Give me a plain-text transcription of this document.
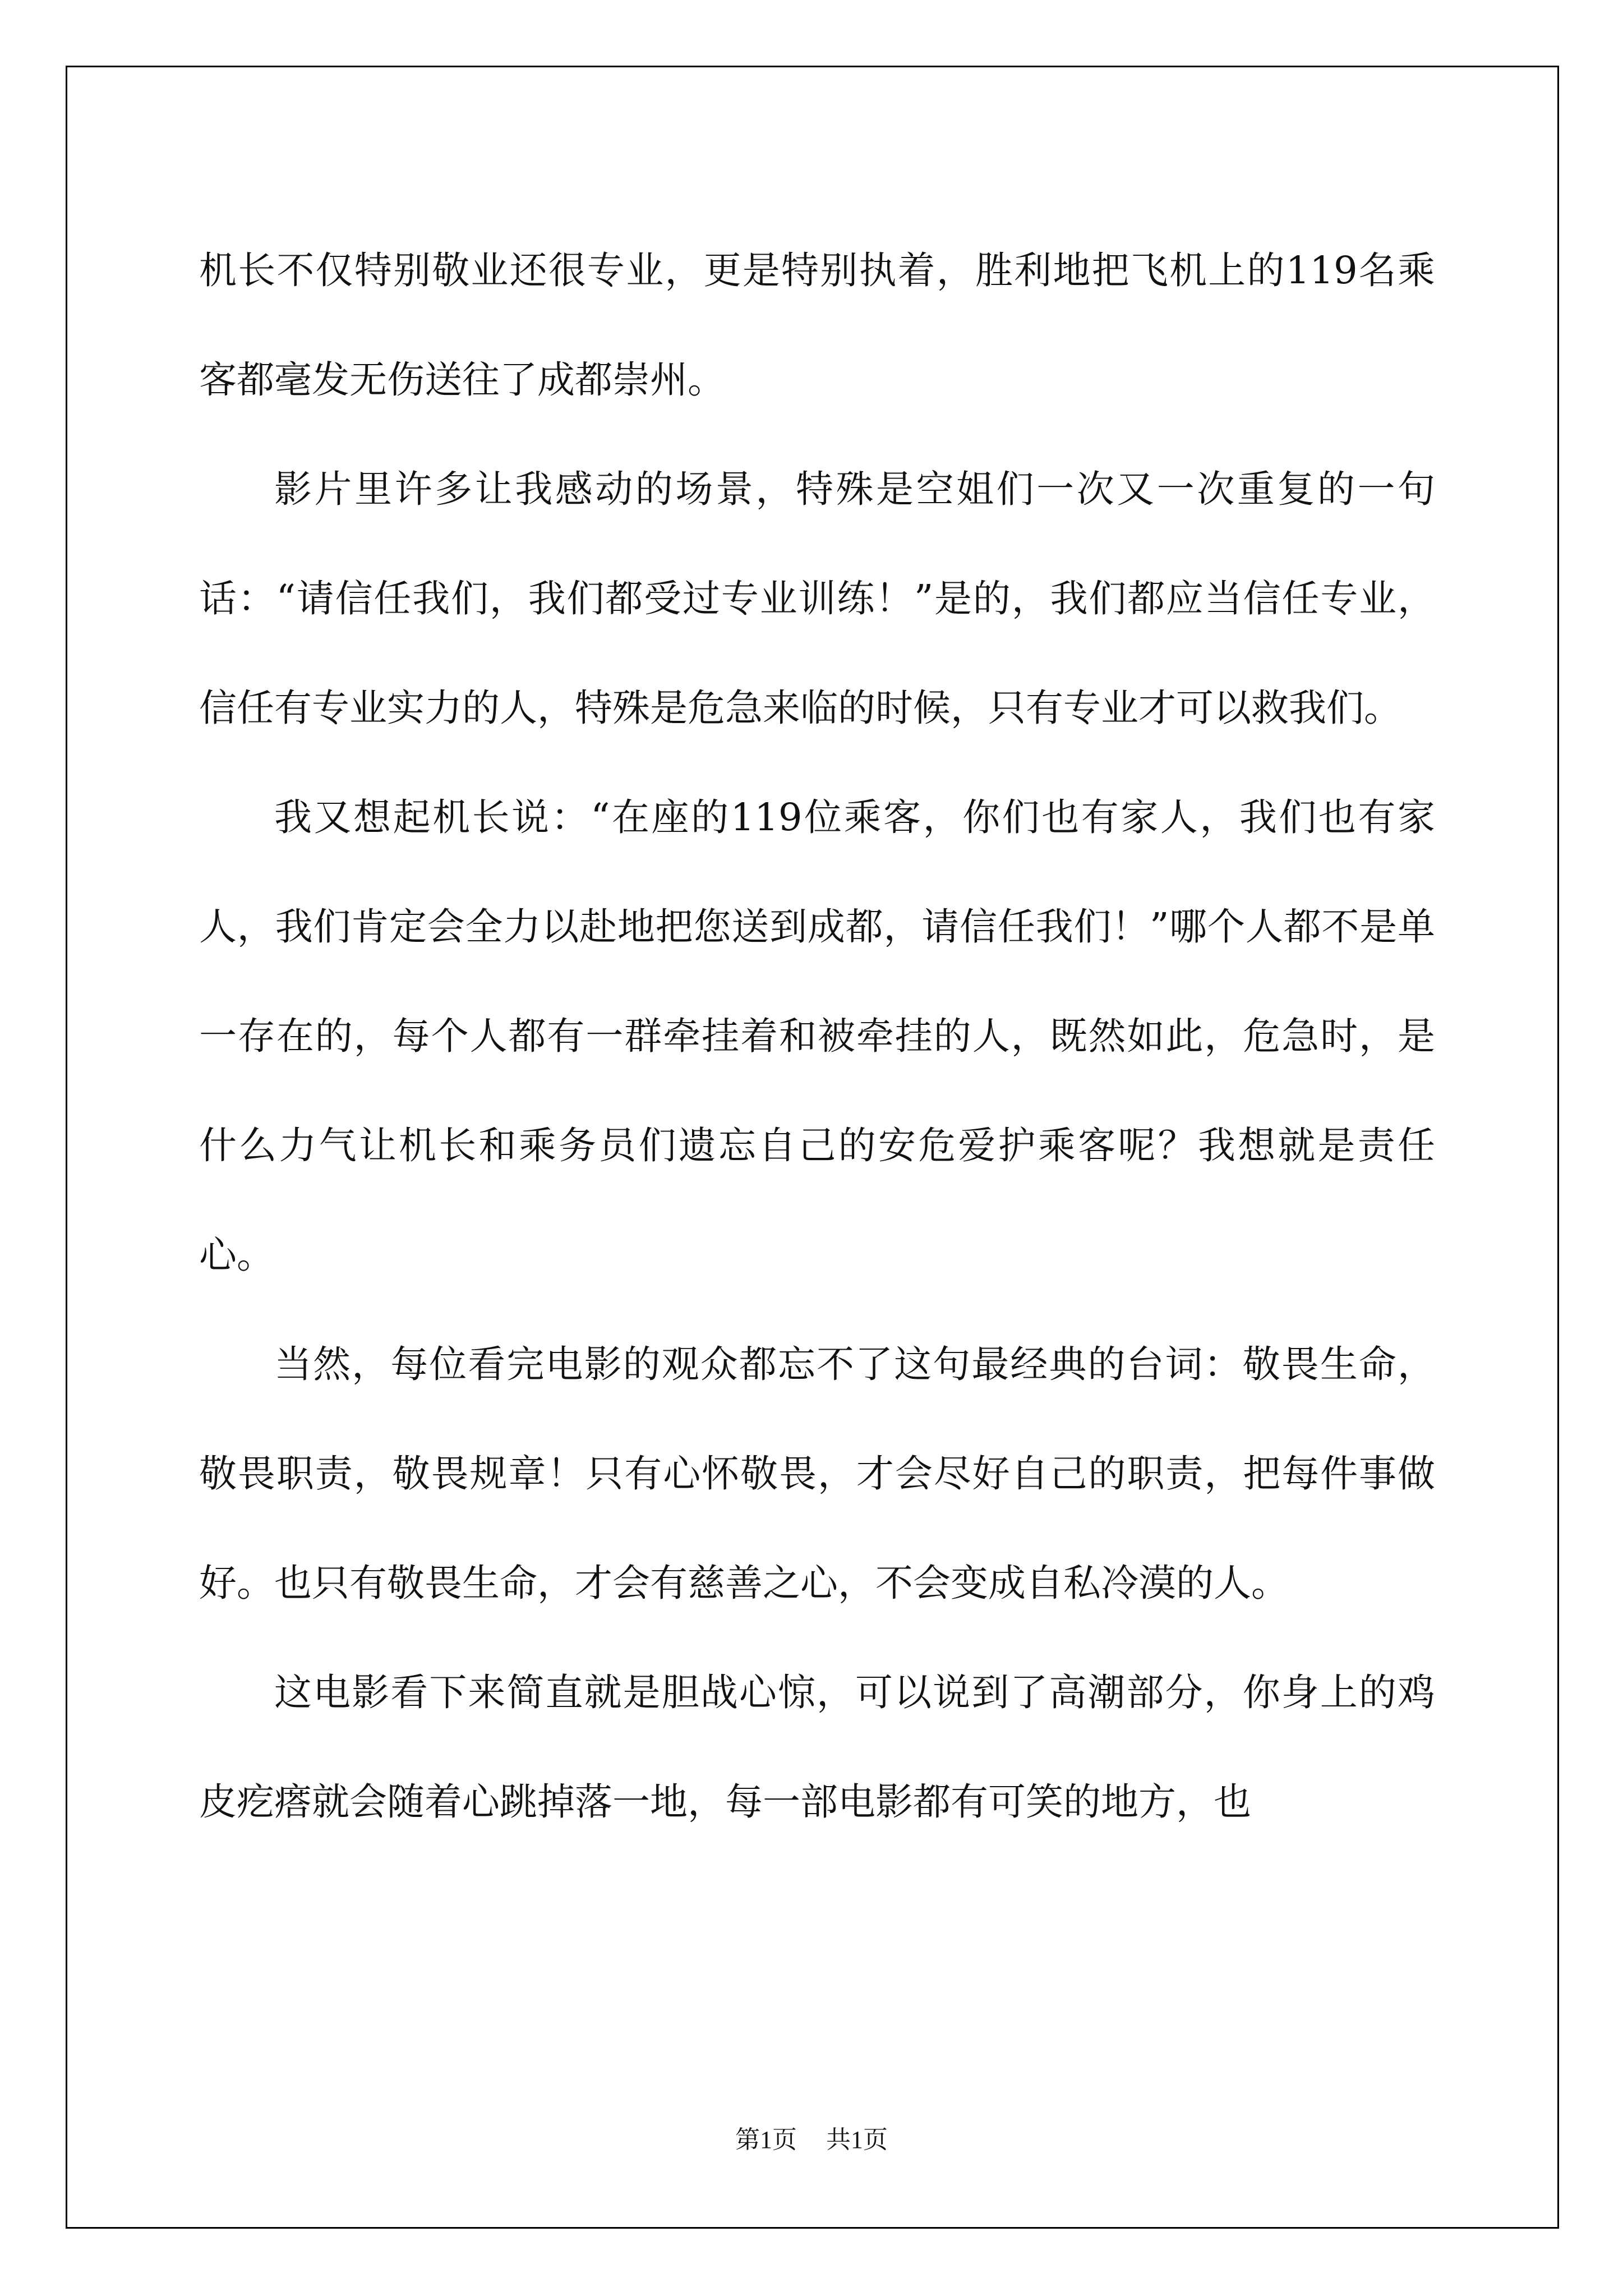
机长不仅特别敬业还很专业，更是特别执着，胜利地把飞机上的119名乘客都毫发无伤送往了成都崇州。

影片里许多让我感动的场景，特殊是空姐们一次又一次重复的一句话：“请信任我们，我们都受过专业训练！”是的，我们都应当信任专业，信任有专业实力的人，特殊是危急来临的时候，只有专业才可以救我们。

我又想起机长说：“在座的119位乘客，你们也有家人，我们也有家人，我们肯定会全力以赴地把您送到成都，请信任我们！”哪个人都不是单一存在的，每个人都有一群牵挂着和被牵挂的人，既然如此，危急时，是什么力气让机长和乘务员们遗忘自己的安危爱护乘客呢？我想就是责任心。

当然，每位看完电影的观众都忘不了这句最经典的台词：敬畏生命，敬畏职责，敬畏规章！只有心怀敬畏，才会尽好自己的职责，把每件事做好。也只有敬畏生命，才会有慈善之心，不会变成自私冷漠的人。

这电影看下来简直就是胆战心惊，可以说到了高潮部分，你身上的鸡皮疙瘩就会随着心跳掉落一地，每一部电影都有可笑的地方，也

第1页 共1页
